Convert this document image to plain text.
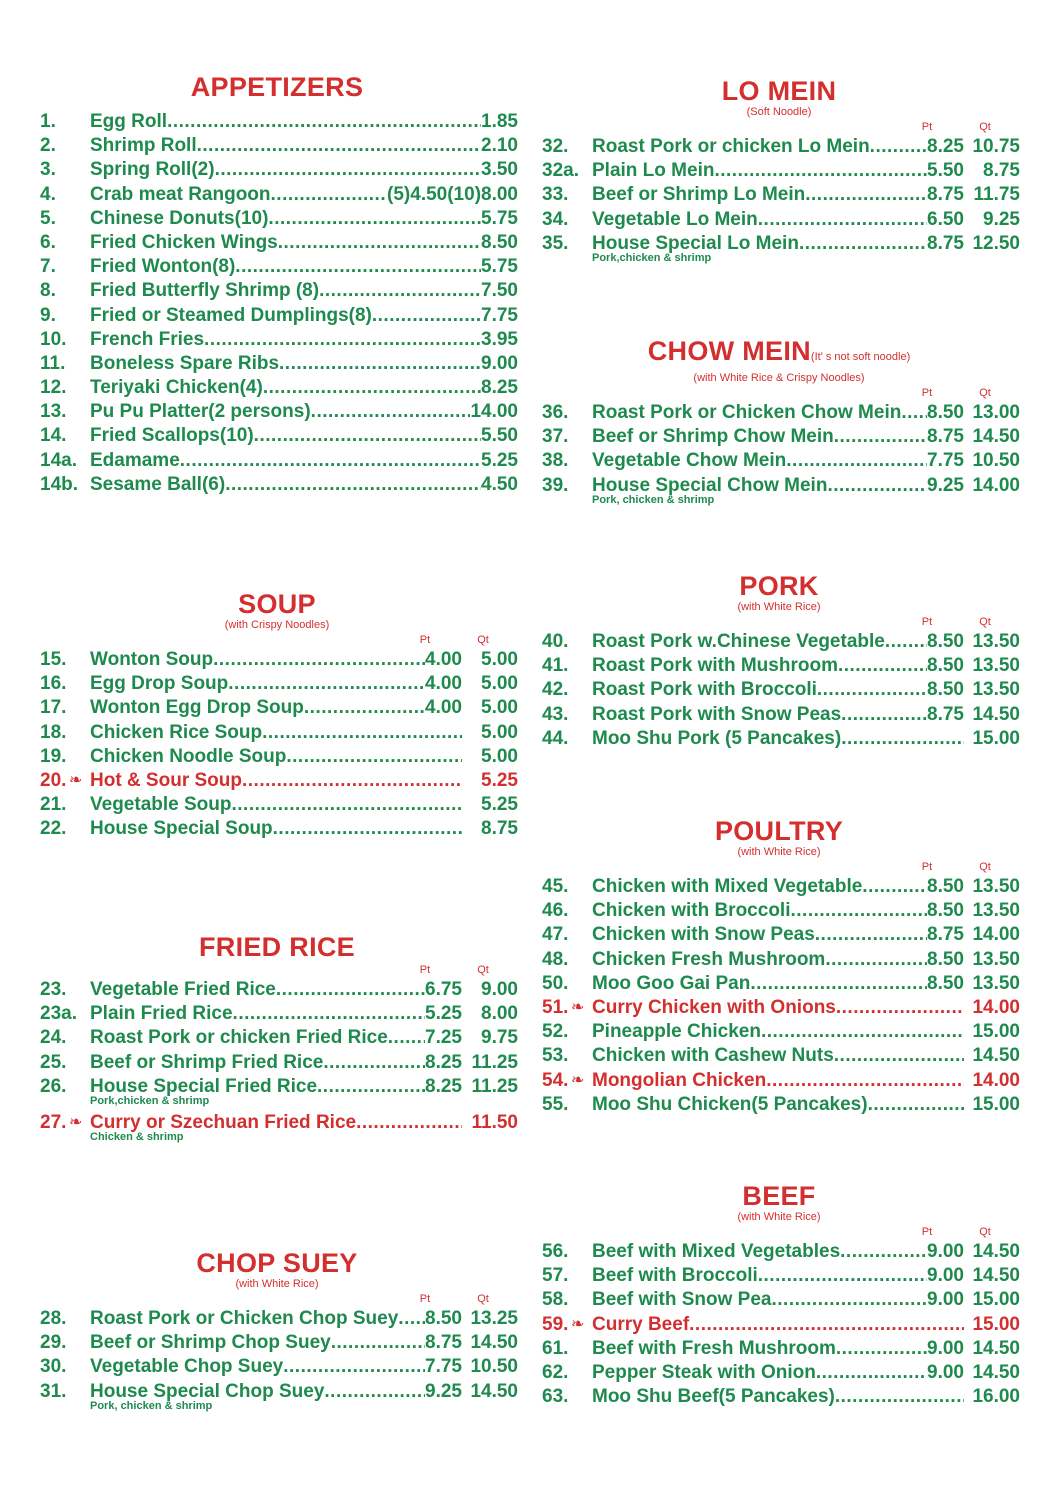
APPETIZERS
1. Egg Roll .....	1.85
2. Shrimp Roll .....	2.10
3. Spring Roll(2) .....	3.50
4. Crab meat Rangoon .....	(5)4.50(10)8.00
5. Chinese Donuts(10) .....	5.75
6. Fried Chicken Wings .....	8.50
7. Fried Wonton(8) .....	5.75
8. Fried Butterfly Shrimp (8) .....	7.50
9. Fried or Steamed Dumplings(8) .....	7.75
10. French Fries .....	3.95
11. Boneless Spare Ribs .....	9.00
12. Teriyaki Chicken(4) .....	8.25
13. Pu Pu Platter(2 persons) .....	14.00
14. Fried Scallops(10) .....	5.50
14a. Edamame .....	5.25
14b. Sesame Ball(6) .....	4.50
SOUP
(with Crispy Noodles)
Pt	Qt
15. Wonton Soup .....	4.00	5.00
16. Egg Drop Soup .....	4.00	5.00
17. Wonton Egg Drop Soup .....	4.00	5.00
18. Chicken Rice Soup .....	5.00
19. Chicken Noodle Soup .....	5.00
20. ❧ Hot & Sour Soup .....	5.25
21. Vegetable Soup .....	5.25
22. House Special Soup .....	8.75
FRIED RICE
Pt	Qt
23. Vegetable Fried Rice .....	6.75	9.00
23a. Plain Fried Rice .....	5.25	8.00
24. Roast Pork or chicken Fried Rice ..... 7.25	9.75
25. Beef or Shrimp Fried Rice .....	8.25 11.25
26. House Special Fried Rice .....	8.25 11.25
Pork,chicken & shrimp
27. ❧ Curry or Szechuan Fried Rice .....	11.50
Chicken & shrimp
CHOP SUEY
(with White Rice)
Pt	Qt
28. Roast Pork or Chicken Chop Suey ..... 8.50 13.25
29. Beef or Shrimp Chop Suey .....	8.75 14.50
30. Vegetable Chop Suey .....	7.75 10.50
31. House Special Chop Suey .....	9.25 14.50
Pork, chicken & shrimp
LO MEIN
(Soft Noodle)
Pt	Qt
32. Roast Pork or chicken Lo Mein .....	8.25 10.75
32a. Plain Lo Mein .....	5.50	8.75
33. Beef or Shrimp Lo Mein .....	8.75 11.75
34. Vegetable Lo Mein .....	6.50	9.25
35. House Special Lo Mein .....	8.75 12.50
Pork,chicken & shrimp
CHOW MEIN(It' s not soft noodle)
(with White Rice & Crispy Noodles)
Pt	Qt
36. Roast Pork or Chicken Chow Mein ..... 8.50 13.00
37. Beef or Shrimp Chow Mein .....	8.75 14.50
38. Vegetable Chow Mein .....	7.75 10.50
39. House Special Chow Mein .....	9.25 14.00
Pork, chicken & shrimp
PORK
(with White Rice)
Pt	Qt
40. Roast Pork w.Chinese Vegetable ..... 8.50 13.50
41. Roast Pork with Mushroom .....	8.50 13.50
42. Roast Pork with Broccoli .....	8.50 13.50
43. Roast Pork with Snow Peas .....	8.75 14.50
44. Moo Shu Pork (5 Pancakes) .....	15.00
POULTRY
(with White Rice)
Pt	Qt
45. Chicken with Mixed Vegetable .....	8.50 13.50
46. Chicken with Broccoli .....	8.50 13.50
47. Chicken with Snow Peas .....	8.75 14.00
48. Chicken Fresh Mushroom .....	8.50 13.50
50. Moo Goo Gai Pan .....	8.50 13.50
51. ❧ Curry Chicken with Onions .....	14.00
52. Pineapple Chicken .....	15.00
53. Chicken with Cashew Nuts .....	14.50
54. ❧ Mongolian Chicken .....	14.00
55. Moo Shu Chicken(5 Pancakes) .....	15.00
BEEF
(with White Rice)
Pt	Qt
56. Beef with Mixed Vegetables .....	9.00 14.50
57. Beef with Broccoli .....	9.00 14.50
58. Beef with Snow Pea .....	9.00 15.00
59. ❧ Curry Beef .....	15.00
61. Beef with Fresh Mushroom .....	9.00 14.50
62. Pepper Steak with Onion .....	9.00 14.50
63. Moo Shu Beef(5 Pancakes) .....	16.00
